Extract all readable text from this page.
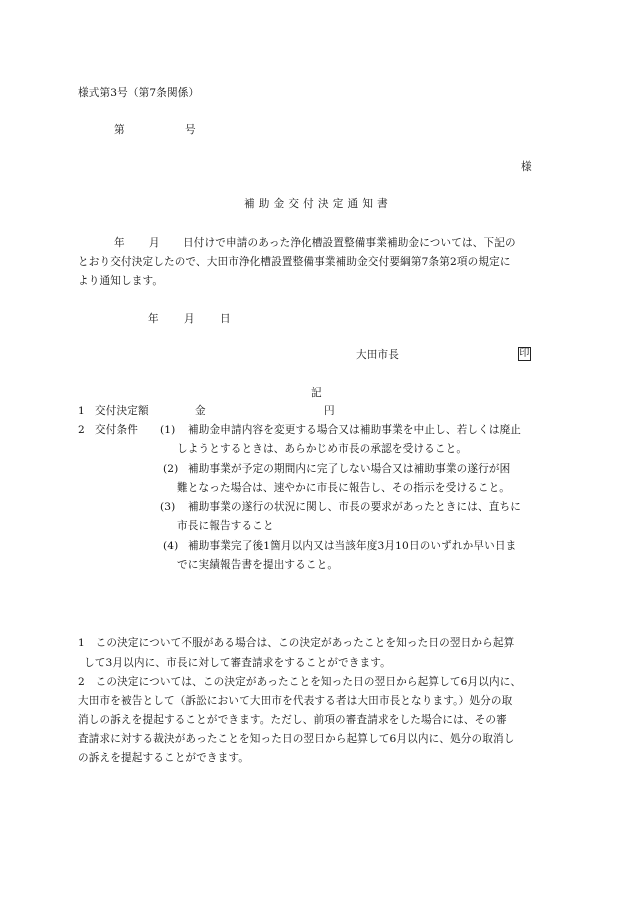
様式第3号（第7条関係）
第	号
様
補助金交付決定通知書
年 月 日付けで申請のあった浄化槽設置整備事業補助金については、下記の
とおり交付決定したので、大田市浄化槽設置整備事業補助金交付要綱第7条第2項の規定に
より通知します。
年 月 日
大田市長	印
記
1 交付決定額	金	円
2 交付条件 (1) 補助金申請内容を変更する場合又は補助事業を中止し、若しくは廃止
しようとするときは、あらかじめ市長の承認を受けること。
(2) 補助事業が予定の期間内に完了しない場合又は補助事業の遂行が困
難となった場合は、速やかに市長に報告し、その指示を受けること。
(3) 補助事業の遂行の状況に関し、市長の要求があったときには、直ちに
市長に報告すること
(4) 補助事業完了後1箇月以内又は当該年度3月10日のいずれか早い日ま
でに実績報告書を提出すること。
1　この決定について不服がある場合は、この決定があったことを知った日の翌日から起算
して3月以内に、市長に対して審査請求をすることができます。
2　この決定については、この決定があったことを知った日の翌日から起算して6月以内に、
大田市を被告として（訴訟において大田市を代表する者は大田市長となります。）処分の取
消しの訴えを提起することができます。ただし、前項の審査請求をした場合には、その審
査請求に対する裁決があったことを知った日の翌日から起算して6月以内に、処分の取消し
の訴えを提起することができます。
